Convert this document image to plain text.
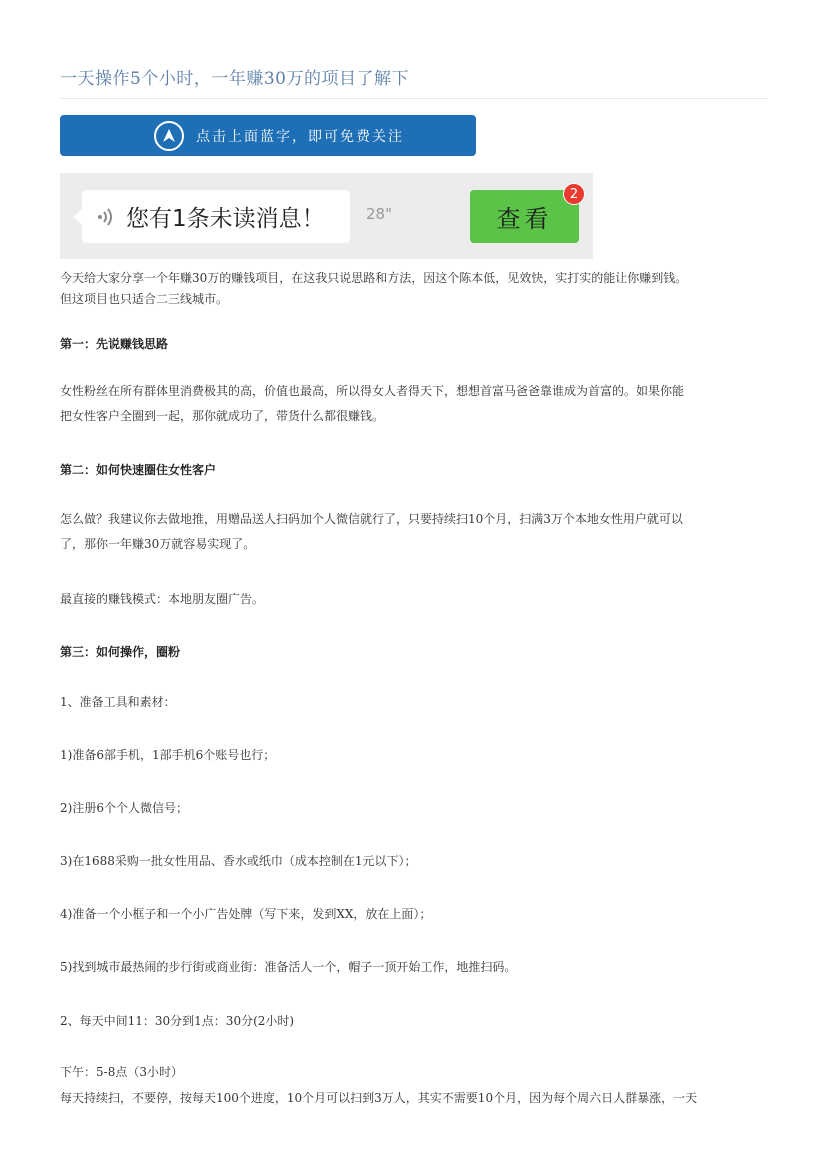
一天操作5个小时，一年赚30万的项目了解下
点击上面蓝字，即可免费关注
您有1条未读消息！	28"	查看
2
今天给大家分享一个年赚30万的赚钱项目，在这我只说思路和方法，因这个陈本低，见效快，实打实的能让你赚到钱。
但这项目也只适合二三线城市。
第一：先说赚钱思路
女性粉丝在所有群体里消费极其的高，价值也最高，所以得女人者得天下，想想首富马爸爸靠谁成为首富的。如果你能
把女性客户全圈到一起，那你就成功了，带货什么都很赚钱。
第二：如何快速圈住女性客户
怎么做？我建议你去做地推，用赠品送人扫码加个人微信就行了，只要持续扫10个月，扫满3万个本地女性用户就可以
了，那你一年赚30万就容易实现了。
最直接的赚钱模式：本地朋友圈广告。
第三：如何操作，圈粉
1、准备工具和素材：
1)准备6部手机，1部手机6个账号也行；
2)注册6个个人微信号；
3)在1688采购一批女性用品、香水或纸巾（成本控制在1元以下）；
4)准备一个小框子和一个小广告处牌（写下来，发到XX，放在上面）；
5)找到城市最热闹的步行街或商业街：准备活人一个，帽子一顶开始工作，地推扫码。
2、每天中间11：30分到1点：30分(2小时)
下午：5-8点（3小时）
每天持续扫，不要停，按每天100个进度，10个月可以扫到3万人，其实不需要10个月，因为每个周六日人群暴涨，一天
